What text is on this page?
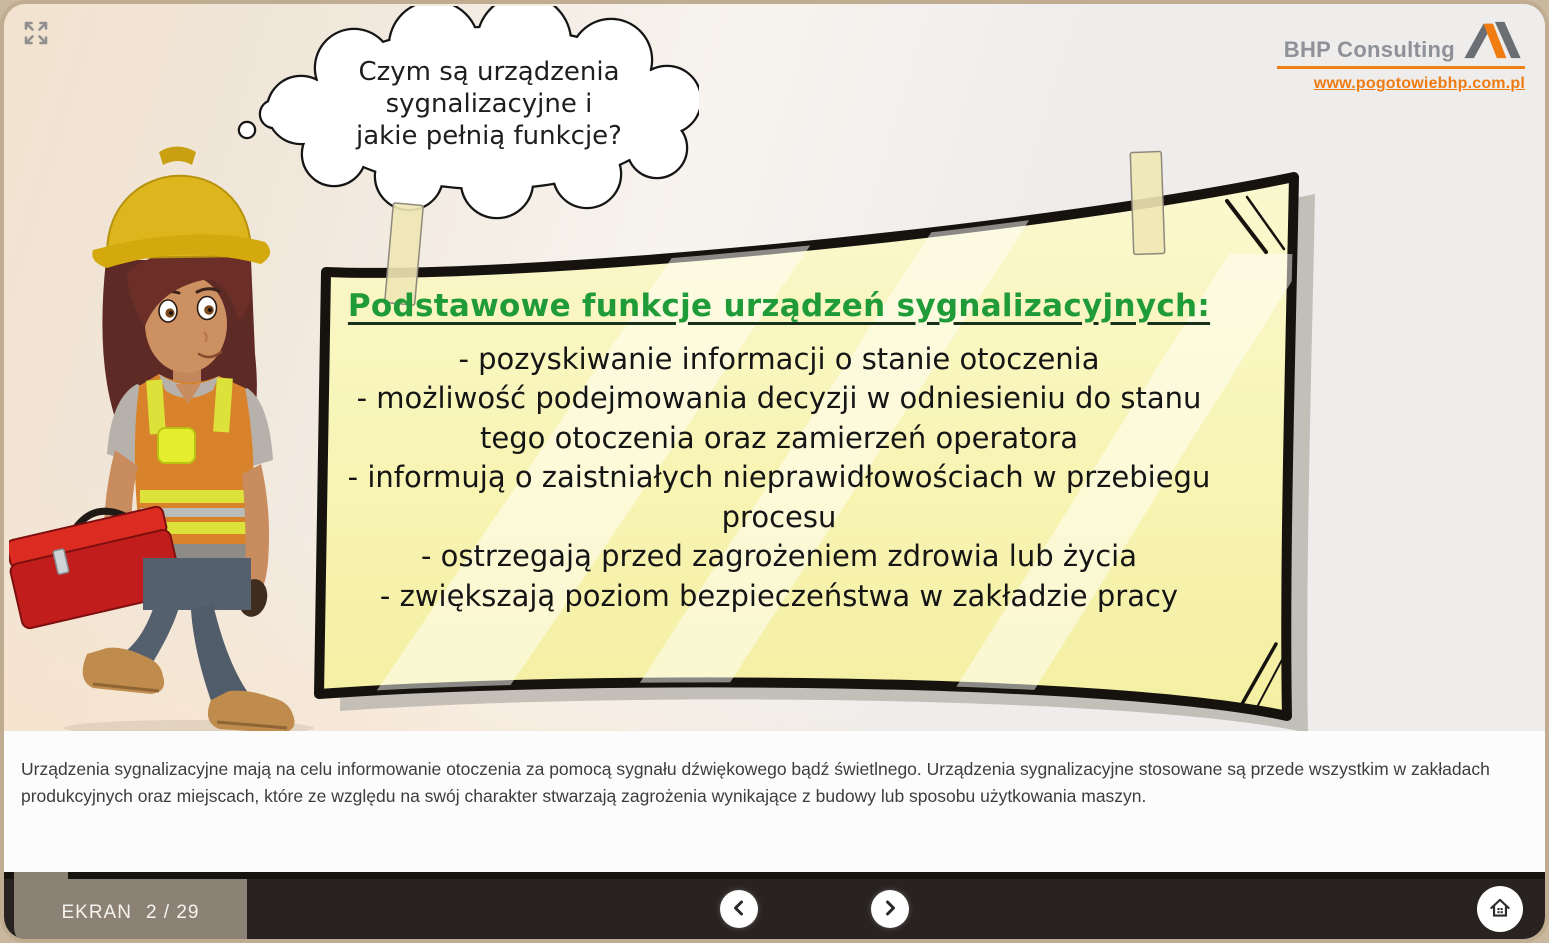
BHP Consulting
www.pogotowiebhp.com.pl
Czym są urządzenia
sygnalizacyjne i
jakie pełnią funkcje?
Podstawowe funkcje urządzeń sygnalizacyjnych:
- pozyskiwanie informacji o stanie otoczenia
- możliwość podejmowania decyzji w odniesieniu do stanu tego otoczenia oraz zamierzeń operatora
- informują o zaistniałych nieprawidłowościach w przebiegu procesu
- ostrzegają przed zagrożeniem zdrowia lub życia
- zwiększają poziom bezpieczeństwa w zakładzie pracy
Urządzenia sygnalizacyjne mają na celu informowanie otoczenia za pomocą sygnału dźwiękowego bądź świetlnego. Urządzenia sygnalizacyjne stosowane są przede wszystkim w zakładach produkcyjnych oraz miejscach, które ze względu na swój charakter stwarzają zagrożenia wynikające z budowy lub sposobu użytkowania maszyn.
EKRAN 2 / 29
